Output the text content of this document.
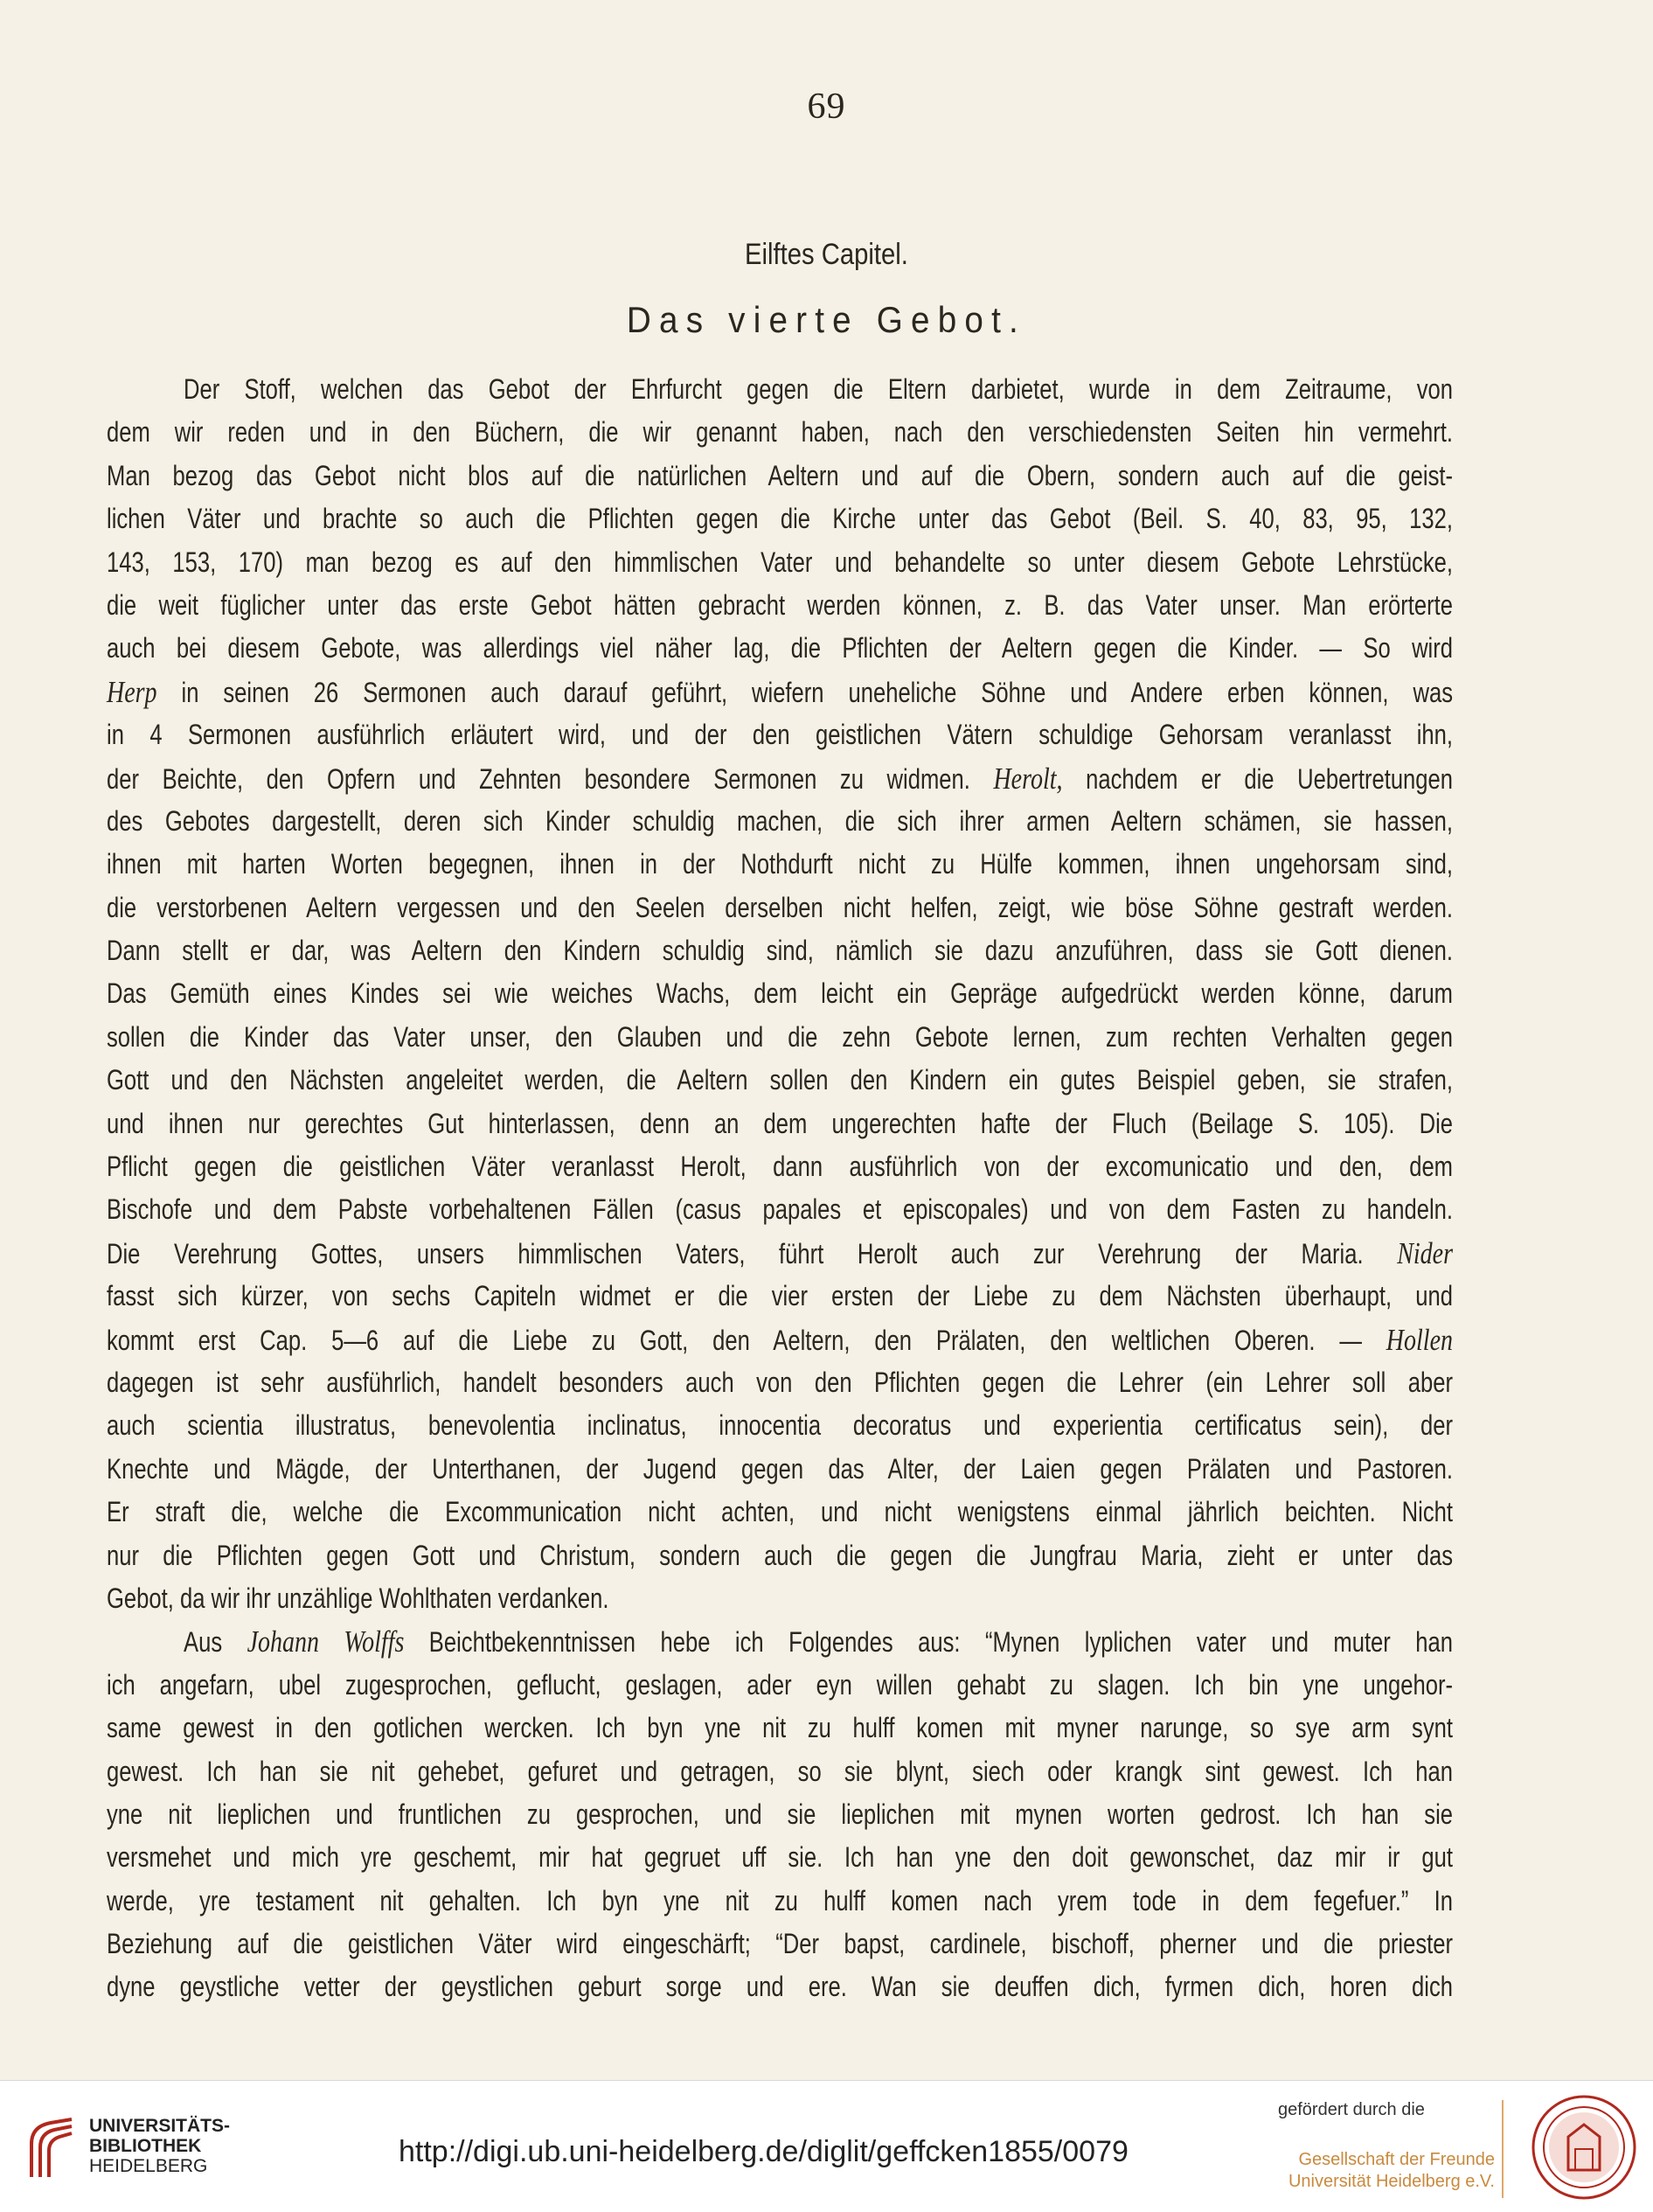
69
Eilftes Capitel.
Das vierte Gebot.
Der Stoff, welchen das Gebot der Ehrfurcht gegen die Eltern darbietet, wurde in dem Zeitraume, von
dem wir reden und in den Büchern, die wir genannt haben, nach den verschiedensten Seiten hin vermehrt.
Man bezog das Gebot nicht blos auf die natürlichen Aeltern und auf die Obern, sondern auch auf die geist-
lichen Väter und brachte so auch die Pflichten gegen die Kirche unter das Gebot (Beil. S. 40, 83, 95, 132,
143, 153, 170) man bezog es auf den himmlischen Vater und behandelte so unter diesem Gebote Lehrstücke,
die weit füglicher unter das erste Gebot hätten gebracht werden können, z. B. das Vater unser. Man erörterte
auch bei diesem Gebote, was allerdings viel näher lag, die Pflichten der Aeltern gegen die Kinder. — So wird
Herp in seinen 26 Sermonen auch darauf geführt, wiefern uneheliche Söhne und Andere erben können, was
in 4 Sermonen ausführlich erläutert wird, und der den geistlichen Vätern schuldige Gehorsam veranlasst ihn,
der Beichte, den Opfern und Zehnten besondere Sermonen zu widmen. Herolt, nachdem er die Uebertretungen
des Gebotes dargestellt, deren sich Kinder schuldig machen, die sich ihrer armen Aeltern schämen, sie hassen,
ihnen mit harten Worten begegnen, ihnen in der Nothdurft nicht zu Hülfe kommen, ihnen ungehorsam sind,
die verstorbenen Aeltern vergessen und den Seelen derselben nicht helfen, zeigt, wie böse Söhne gestraft werden.
Dann stellt er dar, was Aeltern den Kindern schuldig sind, nämlich sie dazu anzuführen, dass sie Gott dienen.
Das Gemüth eines Kindes sei wie weiches Wachs, dem leicht ein Gepräge aufgedrückt werden könne, darum
sollen die Kinder das Vater unser, den Glauben und die zehn Gebote lernen, zum rechten Verhalten gegen
Gott und den Nächsten angeleitet werden, die Aeltern sollen den Kindern ein gutes Beispiel geben, sie strafen,
und ihnen nur gerechtes Gut hinterlassen, denn an dem ungerechten hafte der Fluch (Beilage S. 105). Die
Pflicht gegen die geistlichen Väter veranlasst Herolt, dann ausführlich von der excomunicatio und den, dem
Bischofe und dem Pabste vorbehaltenen Fällen (casus papales et episcopales) und von dem Fasten zu handeln.
Die Verehrung Gottes, unsers himmlischen Vaters, führt Herolt auch zur Verehrung der Maria. Nider
fasst sich kürzer, von sechs Capiteln widmet er die vier ersten der Liebe zu dem Nächsten überhaupt, und
kommt erst Cap. 5—6 auf die Liebe zu Gott, den Aeltern, den Prälaten, den weltlichen Oberen. — Hollen
dagegen ist sehr ausführlich, handelt besonders auch von den Pflichten gegen die Lehrer (ein Lehrer soll aber
auch scientia illustratus, benevolentia inclinatus, innocentia decoratus und experientia certificatus sein), der
Knechte und Mägde, der Unterthanen, der Jugend gegen das Alter, der Laien gegen Prälaten und Pastoren.
Er straft die, welche die Excommunication nicht achten, und nicht wenigstens einmal jährlich beichten. Nicht
nur die Pflichten gegen Gott und Christum, sondern auch die gegen die Jungfrau Maria, zieht er unter das
Gebot, da wir ihr unzählige Wohlthaten verdanken.
Aus Johann Wolffs Beichtbekenntnissen hebe ich Folgendes aus: “Mynen lyplichen vater und muter han
ich angefarn, ubel zugesprochen, geflucht, geslagen, ader eyn willen gehabt zu slagen. Ich bin yne ungehor-
same gewest in den gotlichen wercken. Ich byn yne nit zu hulff komen mit myner narunge, so sye arm synt
gewest. Ich han sie nit gehebet, gefuret und getragen, so sie blynt, siech oder krangk sint gewest. Ich han
yne nit lieplichen und fruntlichen zu gesprochen, und sie lieplichen mit mynen worten gedrost. Ich han sie
versmehet und mich yre geschemt, mir hat gegruet uff sie. Ich han yne den doit gewonschet, daz mir ir gut
werde, yre testament nit gehalten. Ich byn yne nit zu hulff komen nach yrem tode in dem fegefuer.” In
Beziehung auf die geistlichen Väter wird eingeschärft; “Der bapst, cardinele, bischoff, pherner und die priester
dyne geystliche vetter der geystlichen geburt sorge und ere. Wan sie deuffen dich, fyrmen dich, horen dich
UNIVERSITÄTS-
BIBLIOTHEK
HEIDELBERG	http://digi.ub.uni-heidelberg.de/diglit/geffcken1855/0079
gefördert durch die
Gesellschaft der Freunde
Universität Heidelberg e.V.
